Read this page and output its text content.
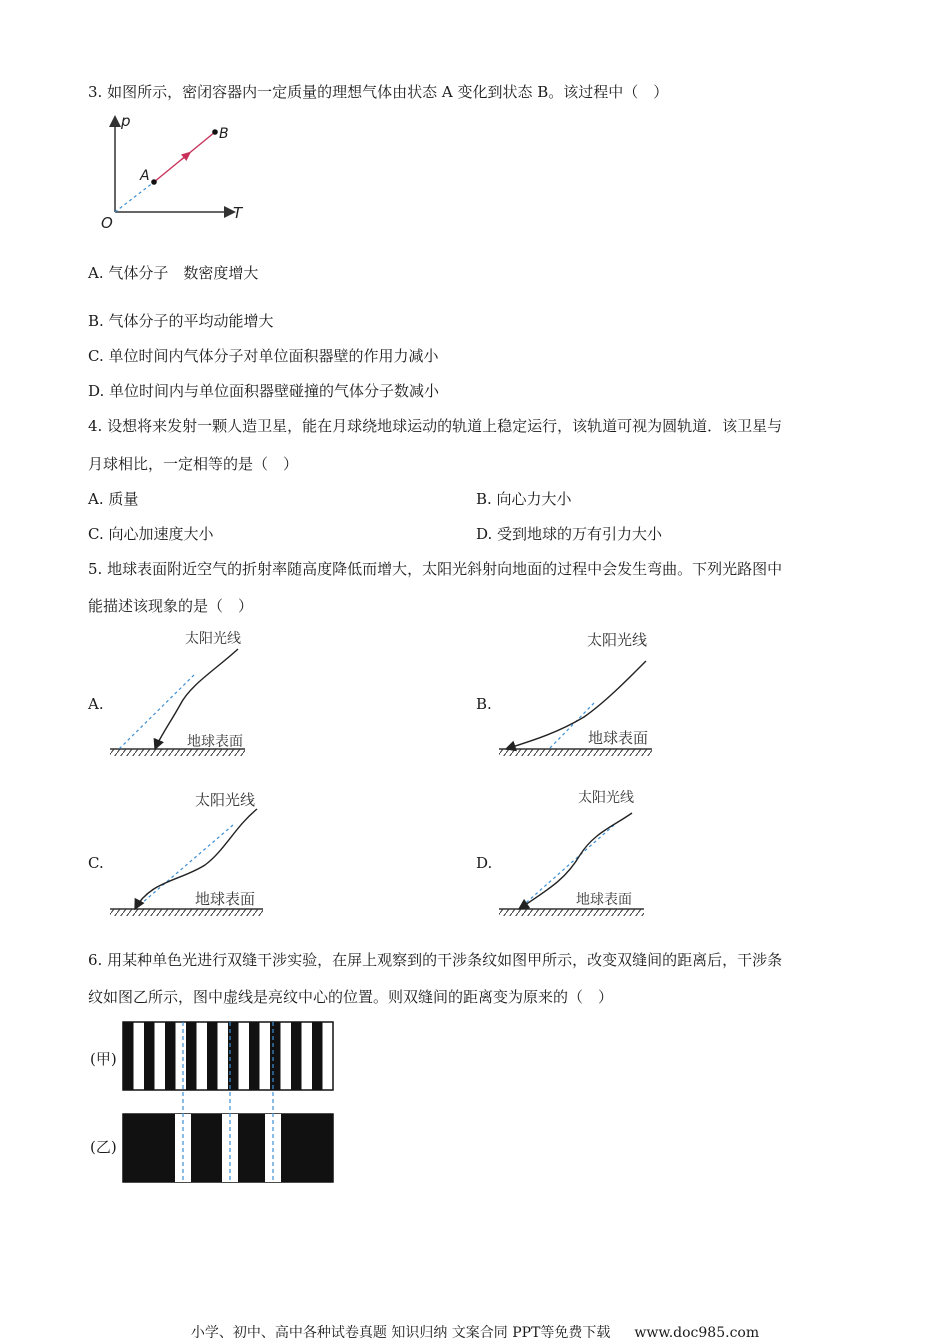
3. 如图所示，密闭容器内一定质量的理想气体由状态 A 变化到状态 B。该过程中（　）
p
T
O
A
B
A. 气体分子　数密度增大
B. 气体分子的平均动能增大
C. 单位时间内气体分子对单位面积器壁的作用力减小
D. 单位时间内与单位面积器壁碰撞的气体分子数减小
4. 设想将来发射一颗人造卫星，能在月球绕地球运动的轨道上稳定运行，该轨道可视为圆轨道．该卫星与
月球相比，一定相等的是（　）
A. 质量	B. 向心力大小
C. 向心加速度大小	D. 受到地球的万有引力大小
5. 地球表面附近空气的折射率随高度降低而增大，太阳光斜射向地面的过程中会发生弯曲。下列光路图中
能描述该现象的是（　）
A.
太阳光线
地球表面
B.
太阳光线
地球表面
C.
太阳光线
地球表面
D.
太阳光线
地球表面
6. 用某种单色光进行双缝干涉实验，在屏上观察到的干涉条纹如图甲所示，改变双缝间的距离后，干涉条
纹如图乙所示，图中虚线是亮纹中心的位置。则双缝间的距离变为原来的（　）
(甲)
(乙)
小学、初中、高中各种试卷真题 知识归纳 文案合同 PPT等免费下载 www.doc985.com
